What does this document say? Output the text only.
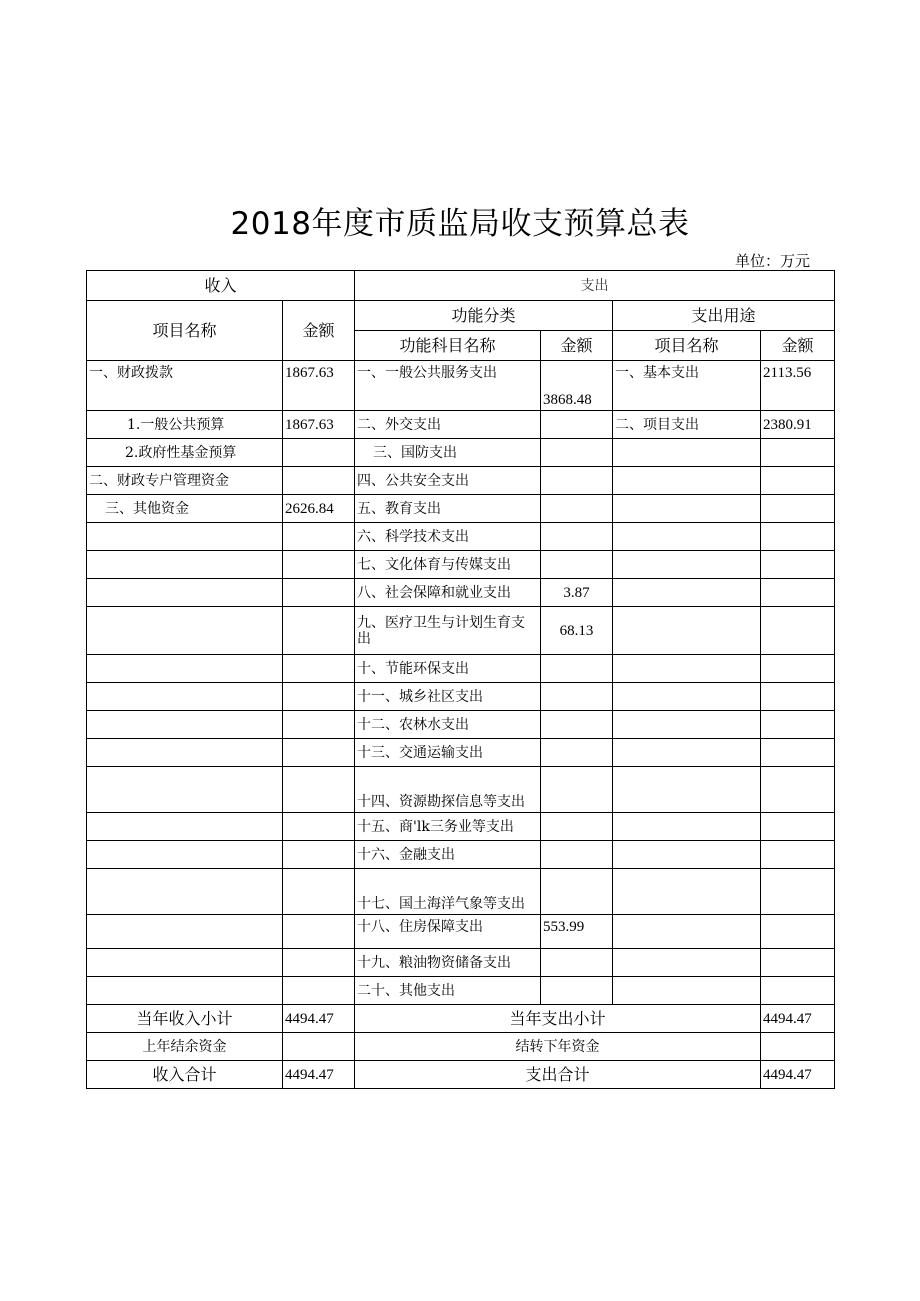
2018年度市质监局收支预算总表
单位：万元
收入		支出			
项目名称	金额	功能分类		支出用途	
		功能科目名称	金额	项目名称	金额
一、财政拨款	1867.63	一、一般公共服务支出	3868.48	一、基本支出	2113.56
1.一般公共预算	1867.63	二、外交支出		二、项目支出	2380.91
2.政府性基金预算		三、国防支出			
二、财政专户管理资金		四、公共安全支出			
三、其他资金	2626.84	五、教育支出			
		六、科学技术支出			
		七、文化体育与传媒支出			
		八、社会保障和就业支出	3.87		
		九、医疗卫生与计划生育支出	68.13		
		十、节能环保支出			
		十一、城乡社区支出			
		十二、农林水支出			
		十三、交通运输支出			
		十四、资源勘探信息等支出			
		十五、商'lk三务业等支出			
		十六、金融支出			
		十七、国土海洋气象等支出			
		十八、住房保障支出	553.99		
		十九、粮油物资储备支出			
		二十、其他支出			
当年收入小计	4494.47	当年支出小计			4494.47
上年结余资金		结转下年资金			
收入合计	4494.47	支出合计			4494.47
